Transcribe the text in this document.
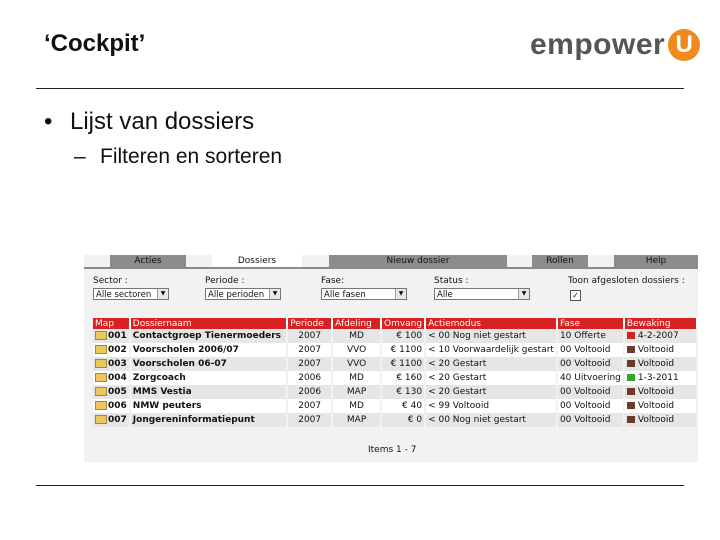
‘Cockpit’	empower U
• Lijst van dossiers
– Filteren en sorteren
Acties	Dossiers	Nieuw dossier	Rollen	Help
Sector :
Alle sectoren	▼
Periode :
Alle perioden	▼
Fase:
Alle fasen	▼
Status :
Alle	▼
Toon afgesloten dossiers :
✓
Map	Dossiernaam	Periode	Afdeling	Omvang	Actiemodus	Fase	Bewaking
001	Contactgroep Tienermoeders	2007	MD	€ 100	< 00 Nog niet gestart	10 Offerte	4-2-2007
002	Voorscholen 2006/07	2007	VVO	€ 1100	< 10 Voorwaardelijk gestart	00 Voltooid	Voltooid
003	Voorscholen 06-07	2007	VVO	€ 1100	< 20 Gestart	00 Voltooid	Voltooid
004	Zorgcoach	2006	MD	€ 160	< 20 Gestart	40 Uitvoering	1-3-2011
005	MMS Vestia	2006	MAP	€ 130	< 20 Gestart	00 Voltooid	Voltooid
006	NMW peuters	2007	MD	€ 40	< 99 Voltooid	00 Voltooid	Voltooid
007	Jongereninformatiepunt	2007	MAP	€ 0	< 00 Nog niet gestart	00 Voltooid	Voltooid
Items 1 - 7
